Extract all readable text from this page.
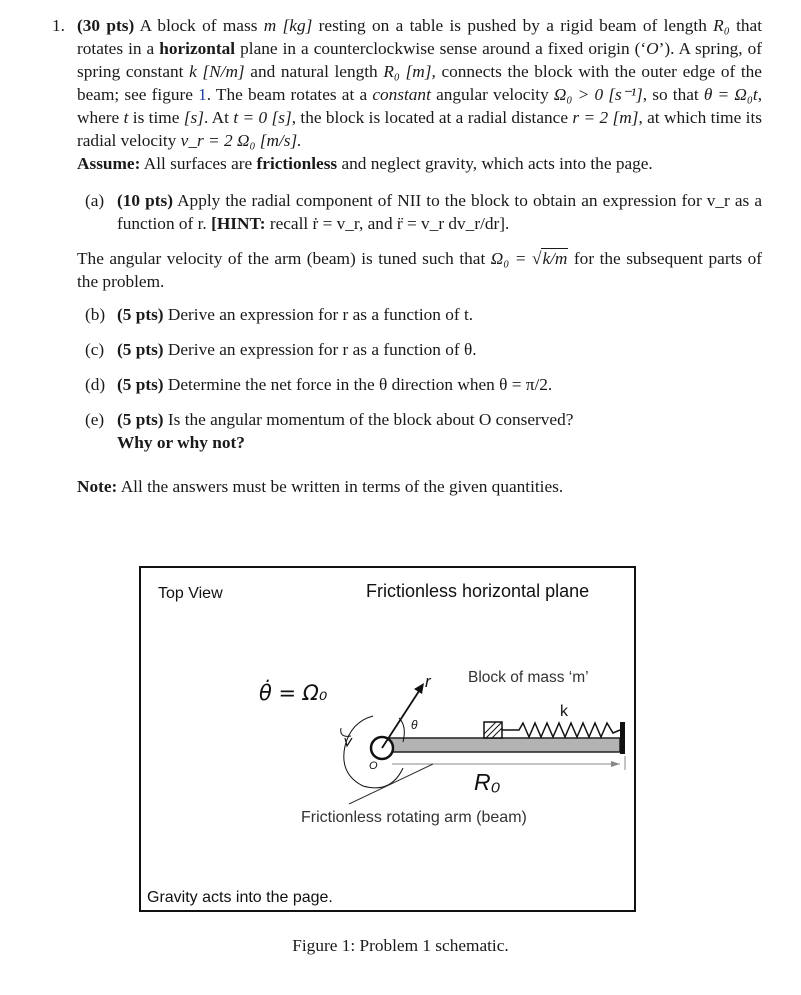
1. (30 pts) A block of mass m [kg] resting on a table is pushed by a rigid beam of length R₀ that rotates in a horizontal plane in a counterclockwise sense around a fixed origin (‘O’). A spring, of spring constant k [N/m] and natural length R₀ [m], connects the block with the outer edge of the beam; see figure 1. The beam rotates at a constant angular velocity Ω₀ > 0 [s⁻¹], so that θ = Ω₀t, where t is time [s]. At t = 0 [s], the block is located at a radial distance r = 2 [m], at which time its radial velocity v_r = 2 Ω₀ [m/s].

Assume: All surfaces are frictionless and neglect gravity, which acts into the page.

(a) (10 pts) Apply the radial component of NII to the block to obtain an expression for v_r as a function of r. [HINT: recall ṙ = v_r, and r̈ = v_r dv_r/dr].

The angular velocity of the arm (beam) is tuned such that Ω₀ = √k/m for the subsequent parts of the problem.

(b) (5 pts) Derive an expression for r as a function of t.
(c) (5 pts) Derive an expression for r as a function of θ.
(d) (5 pts) Determine the net force in the θ direction when θ = π/2.
(e) (5 pts) Is the angular momentum of the block about O conserved?
Why or why not?

Note: All the answers must be written in terms of the given quantities.

Top View	Frictionless horizontal plane
θ̇ = Ω₀	r
θ
Block of mass ‘m’
k
O
R₀
Frictionless rotating arm (beam)
Gravity acts into the page.
Figure 1: Problem 1 schematic.
